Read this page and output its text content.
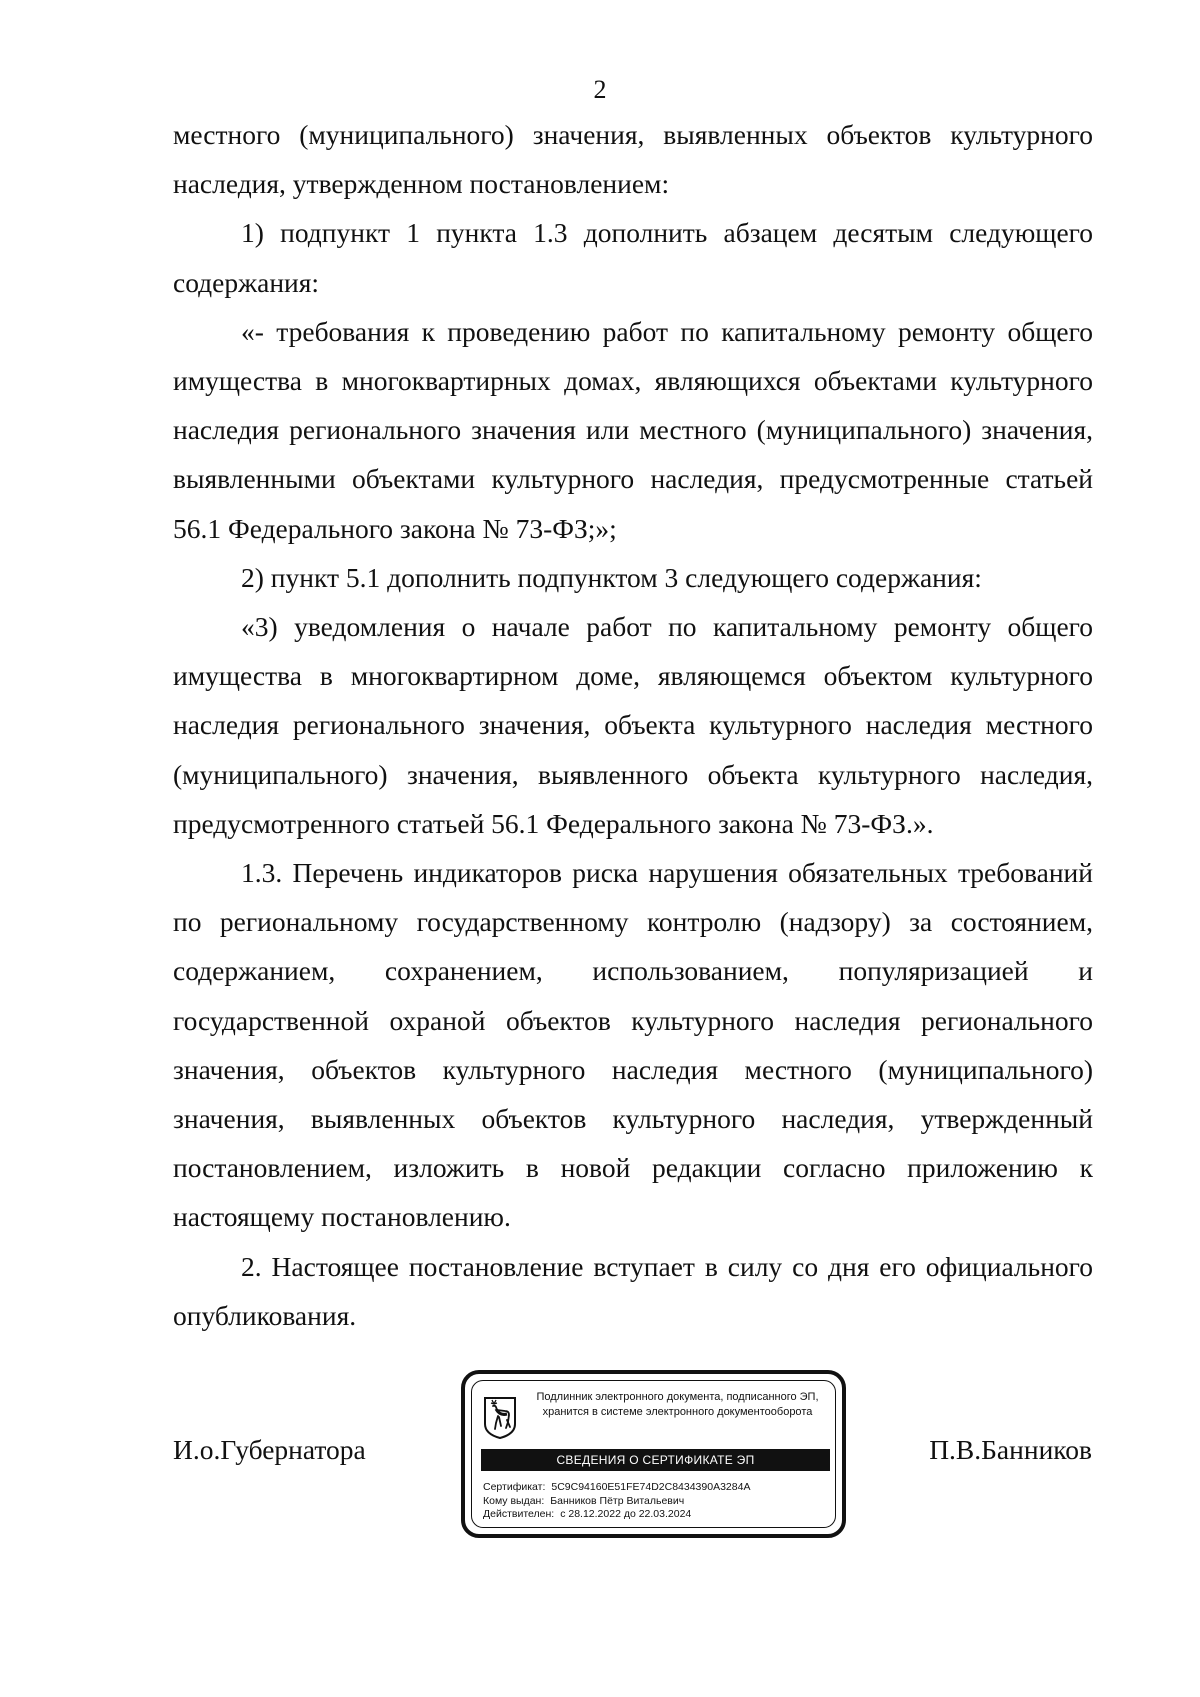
2

местного (муниципального) значения, выявленных объектов культурного наследия, утвержденном постановлением:

1) подпункт 1 пункта 1.3 дополнить абзацем десятым следующего содержания:

«- требования к проведению работ по капитальному ремонту общего имущества в многоквартирных домах, являющихся объектами культурного наследия регионального значения или местного (муниципального) значения, выявленными объектами культурного наследия, предусмотренные статьей 56.1 Федерального закона № 73-ФЗ;»;

2) пункт 5.1 дополнить подпунктом 3 следующего содержания:

«3) уведомления о начале работ по капитальному ремонту общего имущества в многоквартирном доме, являющемся объектом культурного наследия регионального значения, объекта культурного наследия местного (муниципального) значения, выявленного объекта культурного наследия, предусмотренного статьей 56.1 Федерального закона № 73-ФЗ.».

1.3. Перечень индикаторов риска нарушения обязательных требований по региональному государственному контролю (надзору) за состоянием, содержанием, сохранением, использованием, популяризацией и государственной охраной объектов культурного наследия регионального значения, объектов культурного наследия местного (муниципального) значения, выявленных объектов культурного наследия, утвержденный постановлением, изложить в новой редакции согласно приложению к настоящему постановлению.

2. Настоящее постановление вступает в силу со дня его официального опубликования.

И.о.Губернатора
Подлинник электронного документа, подписанного ЭП,
хранится в системе электронного документооборота
СВЕДЕНИЯ О СЕРТИФИКАТЕ ЭП
Сертификат: 5C9C94160E51FE74D2C8434390A3284A
Кому выдан: Банников Пётр Витальевич
Действителен: с 28.12.2022 до 22.03.2024
П.В.Банников
